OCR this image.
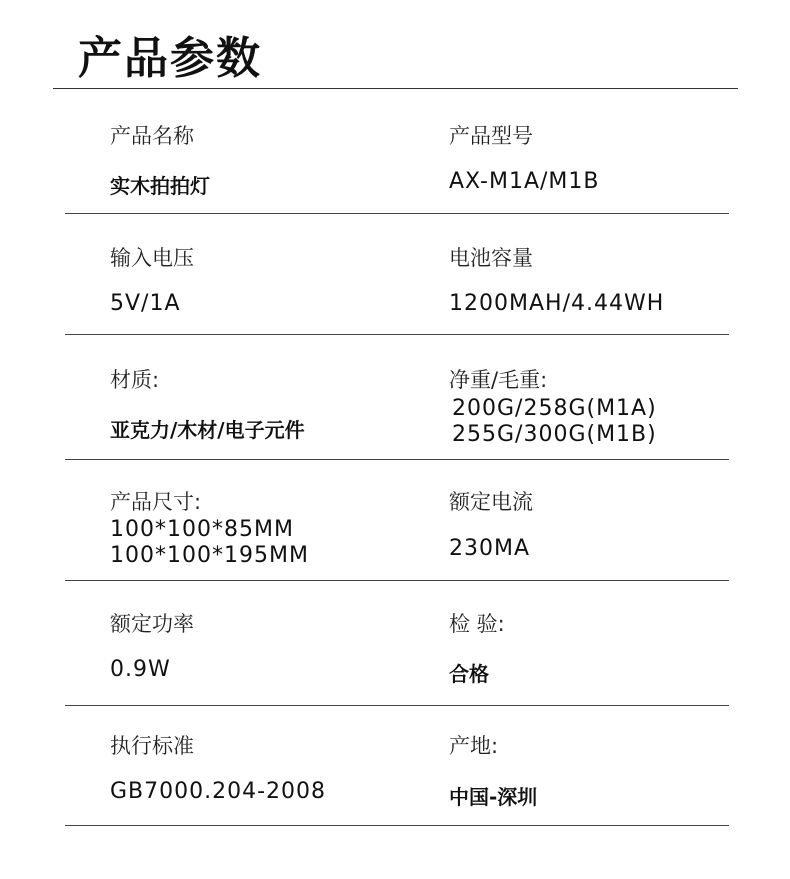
产品参数
产品名称
实木拍拍灯
产品型号
AX-M1A/M1B
输入电压
5V/1A
电池容量
1200MAH/4.44WH
材质:
亚克力/木材/电子元件
净重/毛重:
200G/258G(M1A)
255G/300G(M1B)
产品尺寸:
100*100*85MM
100*100*195MM
额定电流
230MA
额定功率
0.9W
检 验:
合格
执行标准
GB7000.204-2008
产地:
中国-深圳
